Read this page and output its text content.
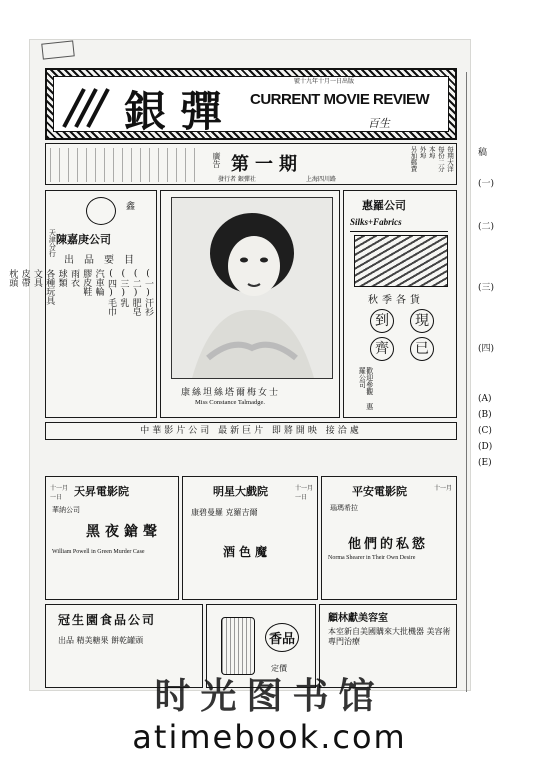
銀彈 CURRENT MOVIE REVIEW
百生
號十九年十月一日出版
第一期
廣告
發行者 銀彈社	上海四川路
每期大洋
每份二分
本埠
外埠
另加郵費
鑫
陳嘉庚公司
天津分行
出品要目
(一)汗衫
(二)肥皂
(三)乳
(四)毛巾
汽車輪
膠皮鞋
雨衣
球類
各種玩具
文具
皮帶
枕頭
康絲坦絲塔爾梅女士
Miss Constance Talmadge.
惠羅公司
Silks+Fabrics
秋季各貨
到
齊
現
已
歡迎參觀 惠羅公司
稿
(一)
(二)
(三)
(四)
(A)
(B)
(C)
(D)
(E)
中華影片公司 最新巨片 即將開映 接洽處
天昇電影院
十一月一日
華納公司
黑夜鎗聲
William Powell in Green Murder Case
明星大戲院	十一月一日
康碧曼羅 克羅吉爾
酒色魔
平安電影院	十一月
瑙瑪希拉
他們的私慾
Norma Shearer in Their Own Desire
冠生園食品公司
出品 精美糖果 餅乾罐頭	香品
定價
顧林獻美容室
本室新自美國購來大批機器 美容術 專門治療
时光图书馆
atimebook.com
